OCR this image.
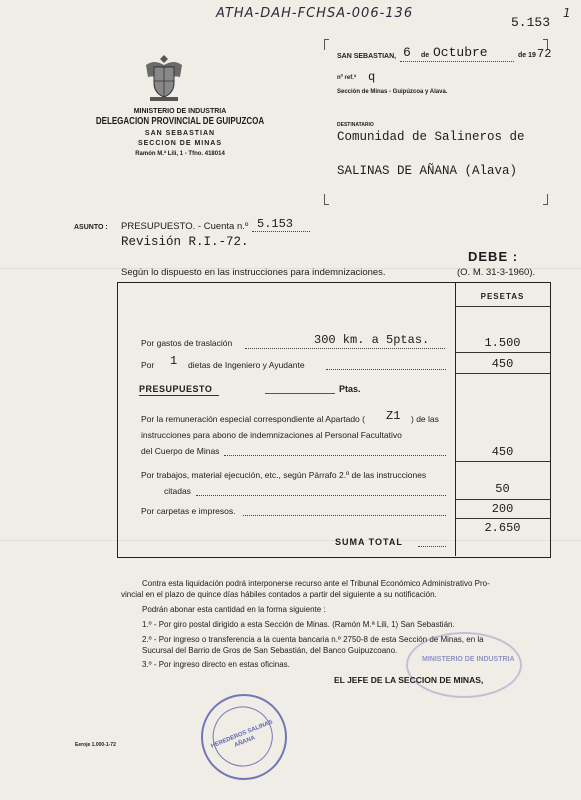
ATHA-DAH-FCHSA-006-136	1
5.153
MINISTERIO DE INDUSTRIA
DELEGACION PROVINCIAL DE GUIPUZCOA
SAN SEBASTIAN
SECCION DE MINAS
Ramón M.ª Lili, 1 - Tfno. 418014
SAN SEBASTIAN, 6 de Octubre	de 19 72
nº ref.ª q
Sección de Minas - Guipúzcoa y Alava.
DESTINATARIO
Comunidad de Salineros de
SALINAS DE AÑANA (Alava)
ASUNTO : PRESUPUESTO. - Cuenta n.º 5.153
Revisión R.I.-72.
DEBE :
Según lo dispuesto en las instrucciones para indemnizaciones.	(O. M. 31-3-1960).
PESETAS
Por gastos de traslación	300 km. a 5ptas.	1.500
Por 1 dietas de Ingeniero y Ayudante	450
PRESUPUESTO	Ptas.
Por la remuneración especial correspondiente al Apartado ( Z1 ) de las
instrucciones para abono de indemnizaciones al Personal Facultativo
del Cuerpo de Minas	450
Por trabajos, material ejecución, etc., según Párrafo 2.º de las instrucciones
citadas	50
Por carpetas e impresos.	200
SUMA TOTAL
2.650
Contra esta liquidación podrá interponerse recurso ante el Tribunal Económico Administrativo Pro-
vincial en el plazo de quince días hábiles contados a partir del siguiente a su notificación.
Podrán abonar esta cantidad en la forma siguiente :
1.º - Por giro postal dirigido a esta Sección de Minas. (Ramón M.ª Lili, 1) San Sebastián.
2.º - Por ingreso o transferencia a la cuenta bancaria n.º 2750-8 de esta Sección de Minas, en la
Sucursal del Barrio de Gros de San Sebastián, del Banco Guipuzcoano.
3.º - Por ingreso directo en estas oficinas.
MINISTERIO DE INDUSTRIA
EL JEFE DE LA SECCION DE MINAS,
HEREDEROS SALINAS AÑANA
Eeroje 1.000-1-72
